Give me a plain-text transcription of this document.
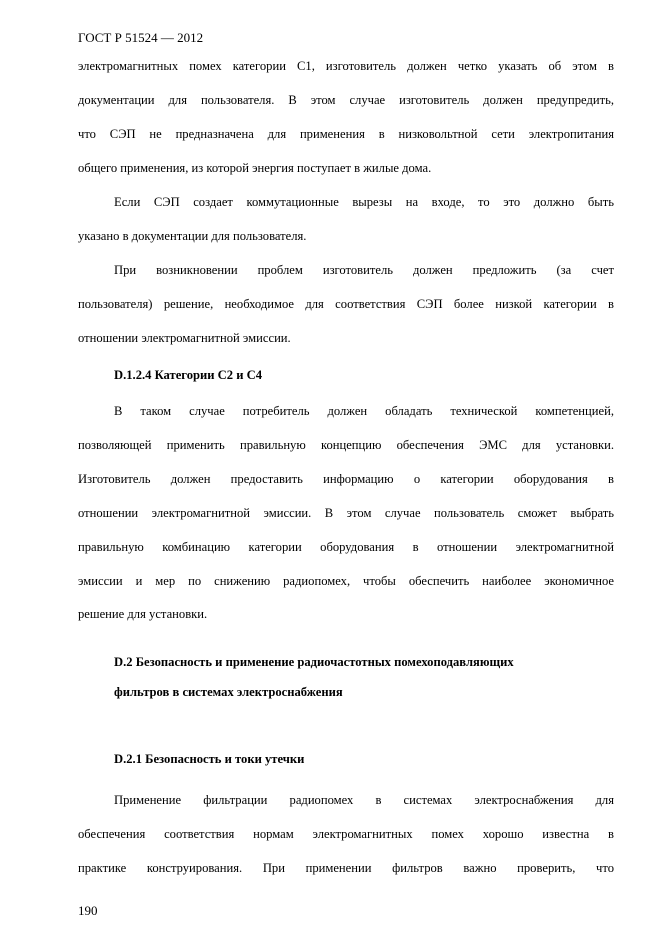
ГОСТ Р 51524 — 2012
электромагнитных помех категории С1, изготовитель должен четко указать об этом в
документации для пользователя. В этом случае изготовитель должен предупредить,
что СЭП не предназначена для применения в низковольтной сети электропитания
общего применения, из которой энергия поступает в жилые дома.
Если СЭП создает коммутационные вырезы на входе, то это должно быть
указано в документации для пользователя.
При возникновении проблем изготовитель должен предложить (за счет
пользователя) решение, необходимое для соответствия СЭП более низкой категории в
отношении электромагнитной эмиссии.
D.1.2.4 Категории С2 и С4
В таком случае потребитель должен обладать технической компетенцией,
позволяющей применить правильную концепцию обеспечения ЭМС для установки.
Изготовитель должен предоставить информацию о категории оборудования в
отношении электромагнитной эмиссии. В этом случае пользователь сможет выбрать
правильную комбинацию категории оборудования в отношении электромагнитной
эмиссии и мер по снижению радиопомех, чтобы обеспечить наиболее экономичное
решение для установки.
D.2 Безопасность и применение радиочастотных помехоподавляющих
фильтров в системах электроснабжения
D.2.1 Безопасность и токи утечки
Применение фильтрации радиопомех в системах электроснабжения для
обеспечения соответствия нормам электромагнитных помех хорошо известна в
практике конструирования. При применении фильтров важно проверить, что
190
